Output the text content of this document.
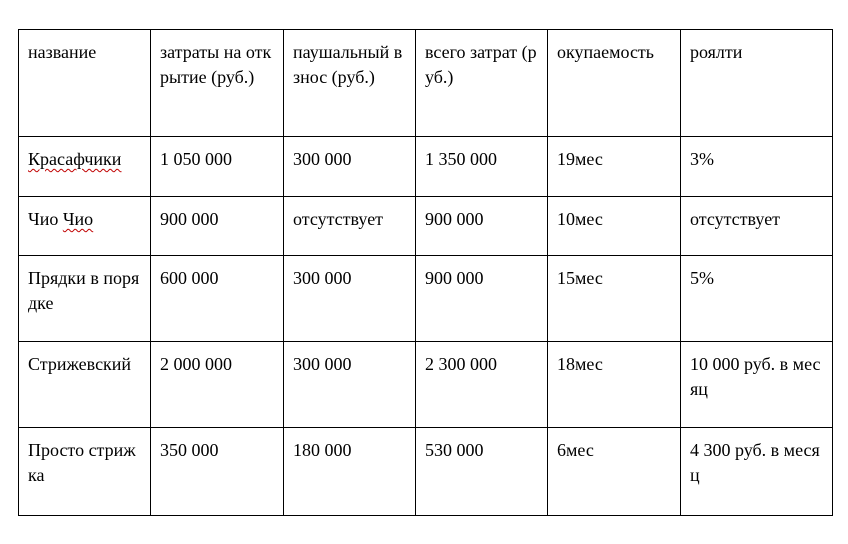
название	затраты на открытие (руб.)	паушальный взнос (руб.)	всего затрат (руб.)	окупаемость	роялти
Красафчики	1 050 000	300 000	1 350 000	19мес	3%
Чио Чио	900 000	отсутствует	900 000	10мес	отсутствует
Прядки в порядке	600 000	300 000	900 000	15мес	5%
Стрижевский	2 000 000	300 000	2 300 000	18мес	10 000 руб. в месяц
Просто стрижка	350 000	180 000	530 000	6мес	4 300 руб. в месяц
